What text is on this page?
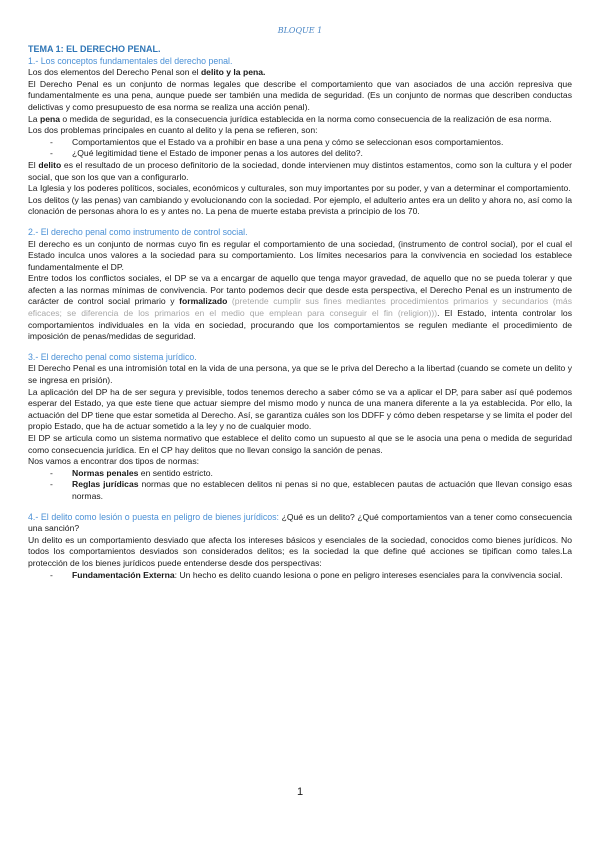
BLOQUE 1

TEMA 1: EL DERECHO PENAL.

1.- Los conceptos fundamentales del derecho penal.

Los dos elementos del Derecho Penal son el delito y la pena.

El Derecho Penal es un conjunto de normas legales que describe el comportamiento que van asociados de una acción represiva que fundamentalmente es una pena, aunque puede ser también una medida de seguridad. (Es un conjunto de normas que describen conductas delictivas y como presupuesto de esa norma se realiza una acción penal).

La pena o medida de seguridad, es la consecuencia jurídica establecida en la norma como consecuencia de la realización de esa norma.

Los dos problemas principales en cuanto al delito y la pena se refieren, son:

- Comportamientos que el Estado va a prohibir en base a una pena y cómo se seleccionan esos comportamientos.
- ¿Qué legitimidad tiene el Estado de imponer penas a los autores del delito?.

El delito es el resultado de un proceso definitorio de la sociedad, donde intervienen muy distintos estamentos, como son la cultura y el poder social, que son los que van a configurarlo.

La Iglesia y los poderes políticos, sociales, económicos y culturales, son muy importantes por su poder, y van a determinar el comportamiento.

Los delitos (y las penas) van cambiando y evolucionando con la sociedad. Por ejemplo, el adulterio antes era un delito y ahora no, así como la clonación de personas ahora lo es y antes no. La pena de muerte estaba prevista a principio de los 70.

2.- El derecho penal como instrumento de control social.

El derecho es un conjunto de normas cuyo fin es regular el comportamiento de una sociedad, (instrumento de control social), por el cual el Estado inculca unos valores a la sociedad para su comportamiento. Los límites necesarios para la convivencia en sociedad los establece fundamentalmente el DP.

Entre todos los conflictos sociales, el DP se va a encargar de aquello que tenga mayor gravedad, de aquello que no se pueda tolerar y que afecten a las normas mínimas de convivencia. Por tanto podemos decir que desde esta perspectiva, el Derecho Penal es un instrumento de carácter de control social primario y formalizado (pretende cumplir sus fines mediantes procedimientos primarios y secundarios (más eficaces; se diferencia de los primarios en el medio que emplean para conseguir el fin (religion))). El Estado, intenta controlar los comportamientos individuales en la vida en sociedad, procurando que los comportamientos se regulen mediante el procedimiento de imposición de penas/medidas de seguridad.

3.- El derecho penal como sistema jurídico.

El Derecho Penal es una intromisión total en la vida de una persona, ya que se le priva del Derecho a la libertad (cuando se comete un delito y se ingresa en prisión).

La aplicación del DP ha de ser segura y previsible, todos tenemos derecho a saber cómo se va a aplicar el DP, para saber así qué podemos esperar del Estado, ya que este tiene que actuar siempre del mismo modo y nunca de una manera diferente a la ya establecida. Por ello, la actuación del DP tiene que estar sometida al Derecho. Así, se garantiza cuáles son los DDFF y cómo deben respetarse y se limita el poder del propio Estado, que ha de actuar sometido a la ley y no de cualquier modo.

El DP se articula como un sistema normativo que establece el delito como un supuesto al que se le asocia una pena o medida de seguridad como consecuencia jurídica. En el CP hay delitos que no llevan consigo la sanción de penas.

Nos vamos a encontrar dos tipos de normas:

- Normas penales en sentido estricto.
- Reglas jurídicas normas que no establecen delitos ni penas si no que, establecen pautas de actuación que llevan consigo esas normas.

4.- El delito como lesión o puesta en peligro de bienes jurídicos: ¿Qué es un delito? ¿Qué comportamientos van a tener como consecuencia una sanción?

Un delito es un comportamiento desviado que afecta los intereses básicos y esenciales de la sociedad, conocidos como bienes jurídicos. No todos los comportamientos desviados son considerados delitos; es la sociedad la que define qué acciones se tipifican como tales.La protección de los bienes jurídicos puede entenderse desde dos perspectivas:

- Fundamentación Externa: Un hecho es delito cuando lesiona o pone en peligro intereses esenciales para la convivencia social.
1
